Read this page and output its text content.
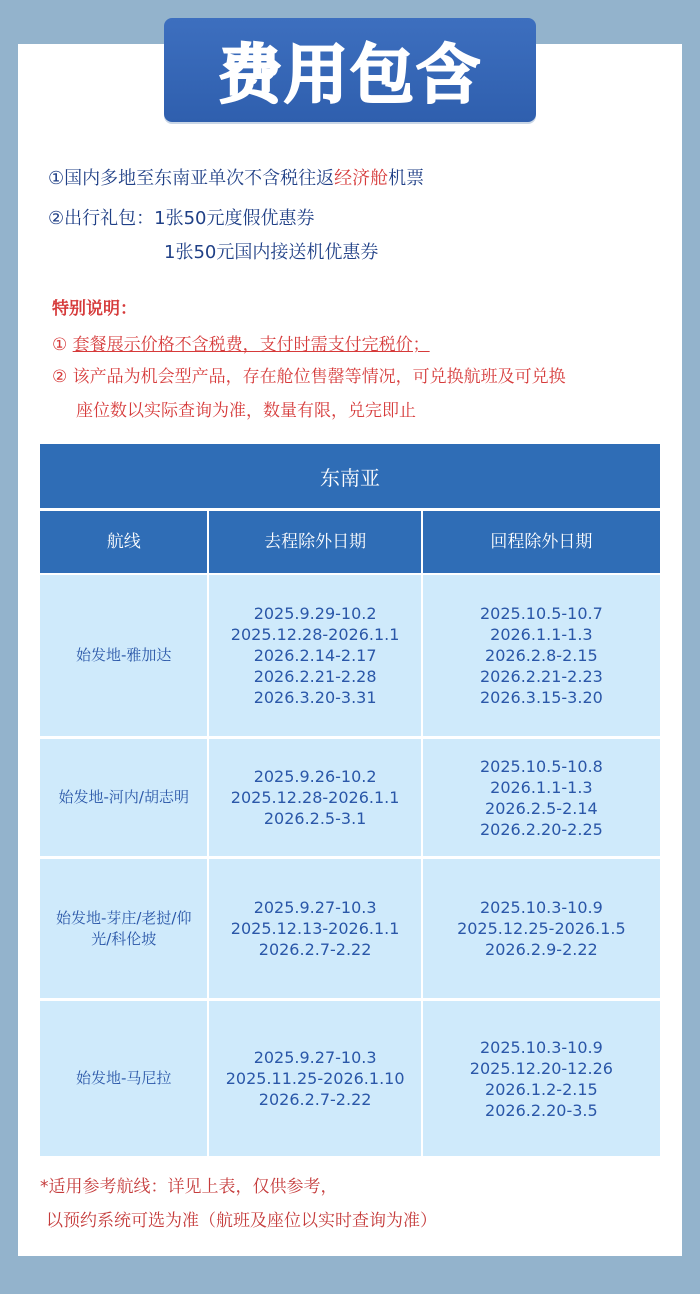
费用包含
①国内多地至东南亚单次不含税往返经济舱机票
②出行礼包：1张50元度假优惠券
1张50元国内接送机优惠券
特别说明：
① 套餐展示价格不含税费，支付时需支付完税价；
② 该产品为机会型产品，存在舱位售罄等情况，可兑换航班及可兑换
座位数以实际查询为准，数量有限，兑完即止
东南亚
航线	去程除外日期	回程除外日期
始发地-雅加达
2025.9.29-10.2
2025.12.28-2026.1.1
2026.2.14-2.17
2026.2.21-2.28
2026.3.20-3.31
2025.10.5-10.7
2026.1.1-1.3
2026.2.8-2.15
2026.2.21-2.23
2026.3.15-3.20
始发地-河内/胡志明
2025.9.26-10.2
2025.12.28-2026.1.1
2026.2.5-3.1
2025.10.5-10.8
2026.1.1-1.3
2026.2.5-2.14
2026.2.20-2.25
始发地-芽庄/老挝/仰
光/科伦坡
2025.9.27-10.3
2025.12.13-2026.1.1
2026.2.7-2.22
2025.10.3-10.9
2025.12.25-2026.1.5
2026.2.9-2.22
始发地-马尼拉
2025.9.27-10.3
2025.11.25-2026.1.10
2026.2.7-2.22
2025.10.3-10.9
2025.12.20-12.26
2026.1.2-2.15
2026.2.20-3.5
*适用参考航线：详见上表，仅供参考，
以预约系统可选为准（航班及座位以实时查询为准）
